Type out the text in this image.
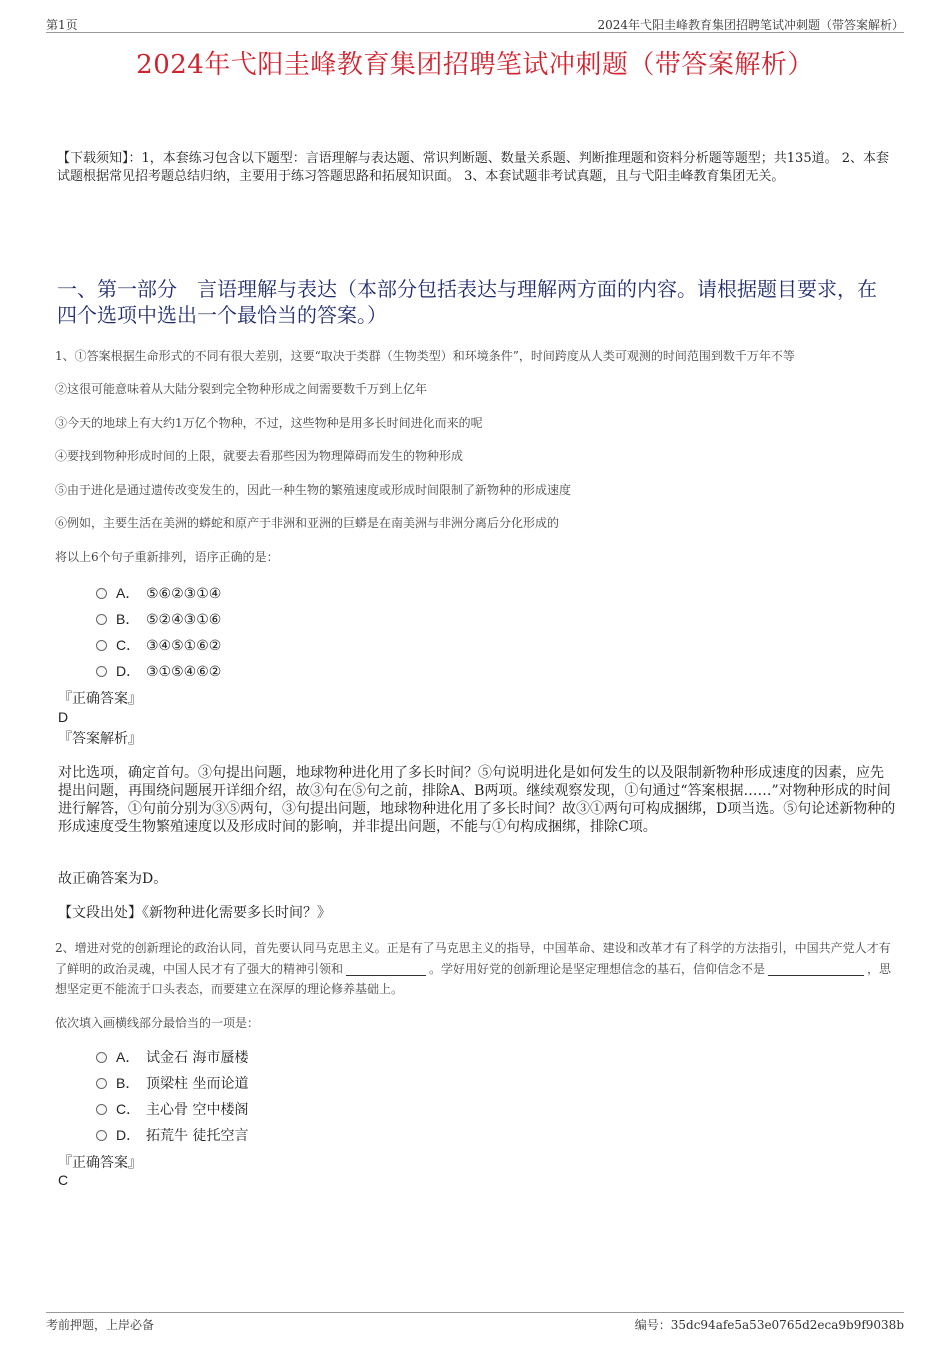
第1页	2024年弋阳圭峰教育集团招聘笔试冲刺题（带答案解析）
2024年弋阳圭峰教育集团招聘笔试冲刺题（带答案解析）
【下载须知】：1，本套练习包含以下题型：言语理解与表达题、常识判断题、数量关系题、判断推理题和资料分析题等题型；共135道。 2、本套试题根据常见招考题总结归纳，主要用于练习答题思路和拓展知识面。 3、本套试题非考试真题，且与弋阳圭峰教育集团无关。
一、第一部分　言语理解与表达（本部分包括表达与理解两方面的内容。请根据题目要求，在四个选项中选出一个最恰当的答案。）
1、①答案根据生命形式的不同有很大差别，这要“取决于类群（生物类型）和环境条件”，时间跨度从人类可观测的时间范围到数千万年不等
②这很可能意味着从大陆分裂到完全物种形成之间需要数千万到上亿年
③今天的地球上有大约1万亿个物种，不过，这些物种是用多长时间进化而来的呢
④要找到物种形成时间的上限，就要去看那些因为物理障碍而发生的物种形成
⑤由于进化是通过遗传改变发生的，因此一种生物的繁殖速度或形成时间限制了新物种的形成速度
⑥例如，主要生活在美洲的蟒蛇和原产于非洲和亚洲的巨蟒是在南美洲与非洲分离后分化形成的
将以上6个句子重新排列，语序正确的是：
A． ⑤⑥②③①④
B． ⑤②④③①⑥
C． ③④⑤①⑥②
D． ③①⑤④⑥②
『正确答案』
D
『答案解析』
对比选项，确定首句。③句提出问题，地球物种进化用了多长时间？⑤句说明进化是如何发生的以及限制新物种形成速度的因素，应先提出问题，再围绕问题展开详细介绍，故③句在⑤句之前，排除A、B两项。继续观察发现，①句通过“答案根据……”对物种形成的时间进行解答，①句前分别为③⑤两句，③句提出问题，地球物种进化用了多长时间？故③①两句可构成捆绑，D项当选。⑤句论述新物种的形成速度受生物繁殖速度以及形成时间的影响，并非提出问题，不能与①句构成捆绑，排除C项。
故正确答案为D。
【文段出处】《新物种进化需要多长时间？》
2、增进对党的创新理论的政治认同，首先要认同马克思主义。正是有了马克思主义的指导，中国革命、建设和改革才有了科学的方法指引，中国共产党人才有了鲜明的政治灵魂，中国人民才有了强大的精神引领和	。学好用好党的创新理论是坚定理想信念的基石，信仰信念不是	，思想坚定更不能流于口头表态，而要建立在深厚的理论修养基础上。
依次填入画横线部分最恰当的一项是：
A． 试金石 海市蜃楼
B． 顶梁柱 坐而论道
C． 主心骨 空中楼阁
D． 拓荒牛 徒托空言
『正确答案』
C
考前押题，上岸必备	编号：35dc94afe5a53e0765d2eca9b9f9038b
